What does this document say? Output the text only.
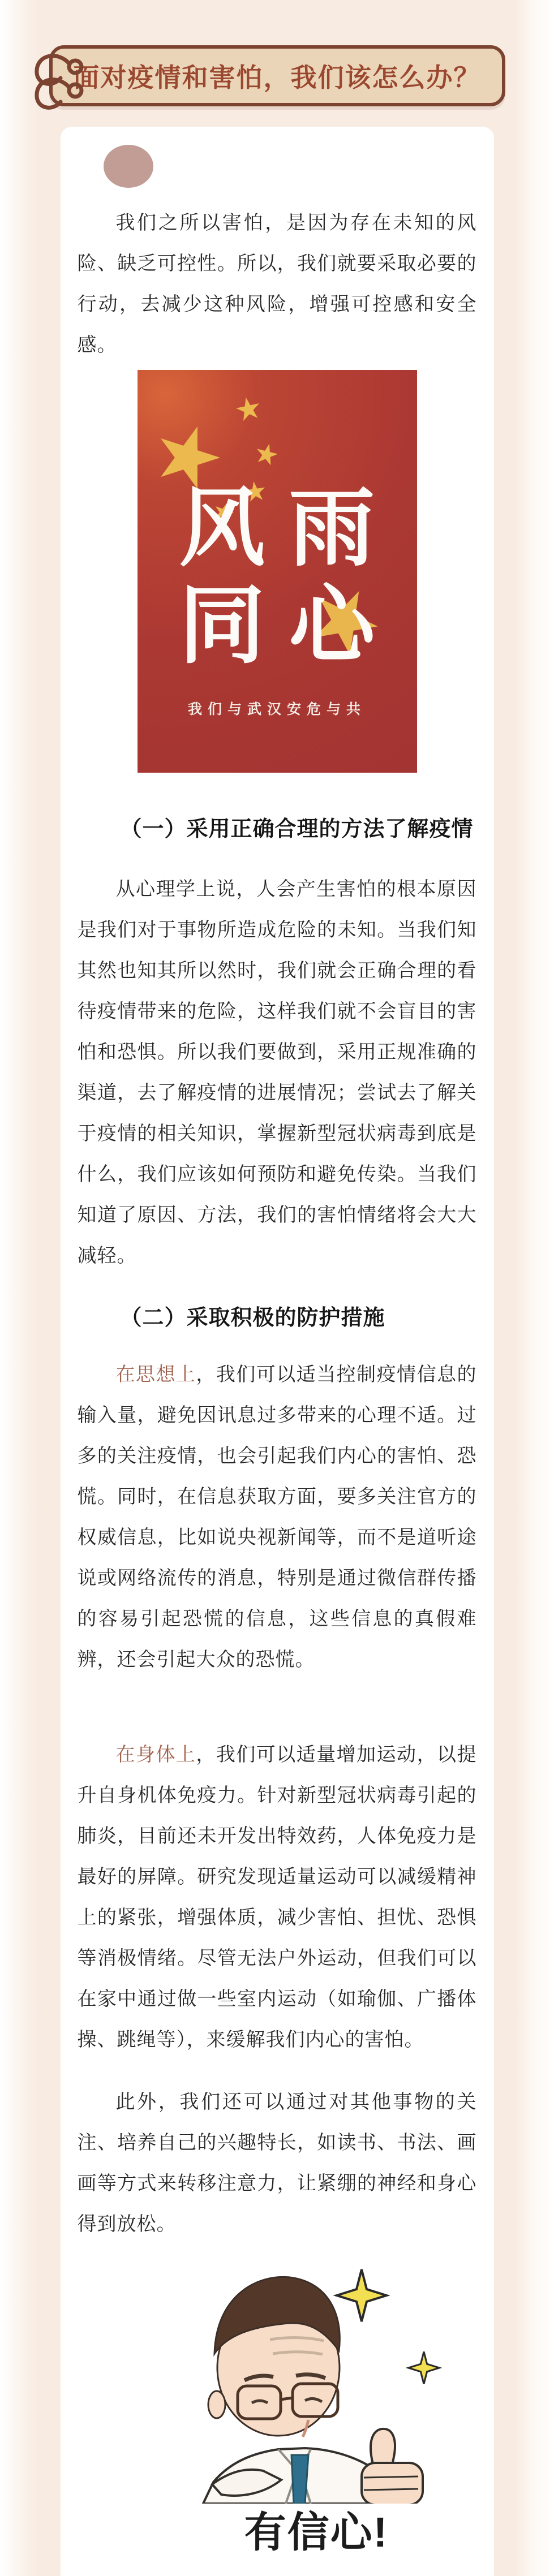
面对疫情和害怕，我们该怎么办？

我们之所以害怕，是因为存在未知的风险、缺乏可控性。所以，我们就要采取必要的行动，去减少这种风险，增强可控感和安全感。

风 雨
同 心
我们与武汉安危与共
（一）采用正确合理的方法了解疫情

从心理学上说，人会产生害怕的根本原因是我们对于事物所造成危险的未知。当我们知其然也知其所以然时，我们就会正确合理的看待疫情带来的危险，这样我们就不会盲目的害怕和恐惧。所以我们要做到，采用正规准确的渠道，去了解疫情的进展情况；尝试去了解关于疫情的相关知识，掌握新型冠状病毒到底是什么，我们应该如何预防和避免传染。当我们知道了原因、方法，我们的害怕情绪将会大大减轻。

（二）采取积极的防护措施

在思想上，我们可以适当控制疫情信息的输入量，避免因讯息过多带来的心理不适。过多的关注疫情，也会引起我们内心的害怕、恐慌。同时，在信息获取方面，要多关注官方的权威信息，比如说央视新闻等，而不是道听途说或网络流传的消息，特别是通过微信群传播的容易引起恐慌的信息，这些信息的真假难辨，还会引起大众的恐慌。

在身体上，我们可以适量增加运动，以提升自身机体免疫力。针对新型冠状病毒引起的肺炎，目前还未开发出特效药，人体免疫力是最好的屏障。研究发现适量运动可以减缓精神上的紧张，增强体质，减少害怕、担忧、恐惧等消极情绪。尽管无法户外运动，但我们可以在家中通过做一些室内运动（如瑜伽、广播体操、跳绳等），来缓解我们内心的害怕。

此外，我们还可以通过对其他事物的关注、培养自己的兴趣特长，如读书、书法、画画等方式来转移注意力，让紧绷的神经和身心得到放松。

有信心!
